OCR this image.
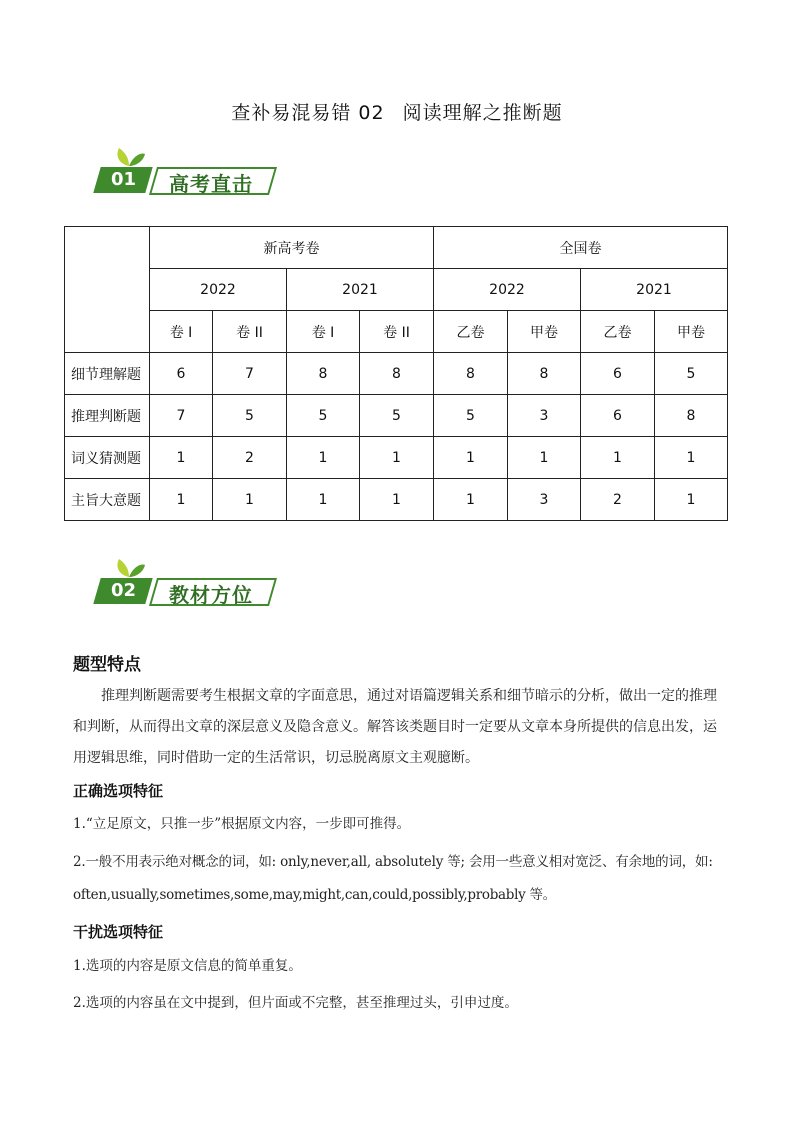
查补易混易错 02 阅读理解之推断题
01 高考直击
	新高考卷				全国卷			
	2022		2021		2022		2021	
	卷 I	卷 II	卷 I	卷 II	乙卷	甲卷	乙卷	甲卷
细节理解题	6	7	8	8	8	8	6	5
推理判断题	7	5	5	5	5	3	6	8
词义猜测题	1	2	1	1	1	1	1	1
主旨大意题	1	1	1	1	1	3	2	1
02 教材方位
题型特点
推理判断题需要考生根据文章的字面意思，通过对语篇逻辑关系和细节暗示的分析，做出一定的推理和判断，从而得出文章的深层意义及隐含意义。解答该类题目时一定要从文章本身所提供的信息出发，运用逻辑思维，同时借助一定的生活常识，切忌脱离原文主观臆断。
正确选项特征
1.“立足原文，只推一步”根据原文内容，一步即可推得。
2.一般不用表示绝对概念的词，如: only,never,all, absolutely 等; 会用一些意义相对宽泛、有余地的词，如:
often,usually,sometimes,some,may,might,can,could,possibly,probably 等。
干扰选项特征
1.选项的内容是原文信息的简单重复。
2.选项的内容虽在文中提到，但片面或不完整，甚至推理过头，引申过度。
